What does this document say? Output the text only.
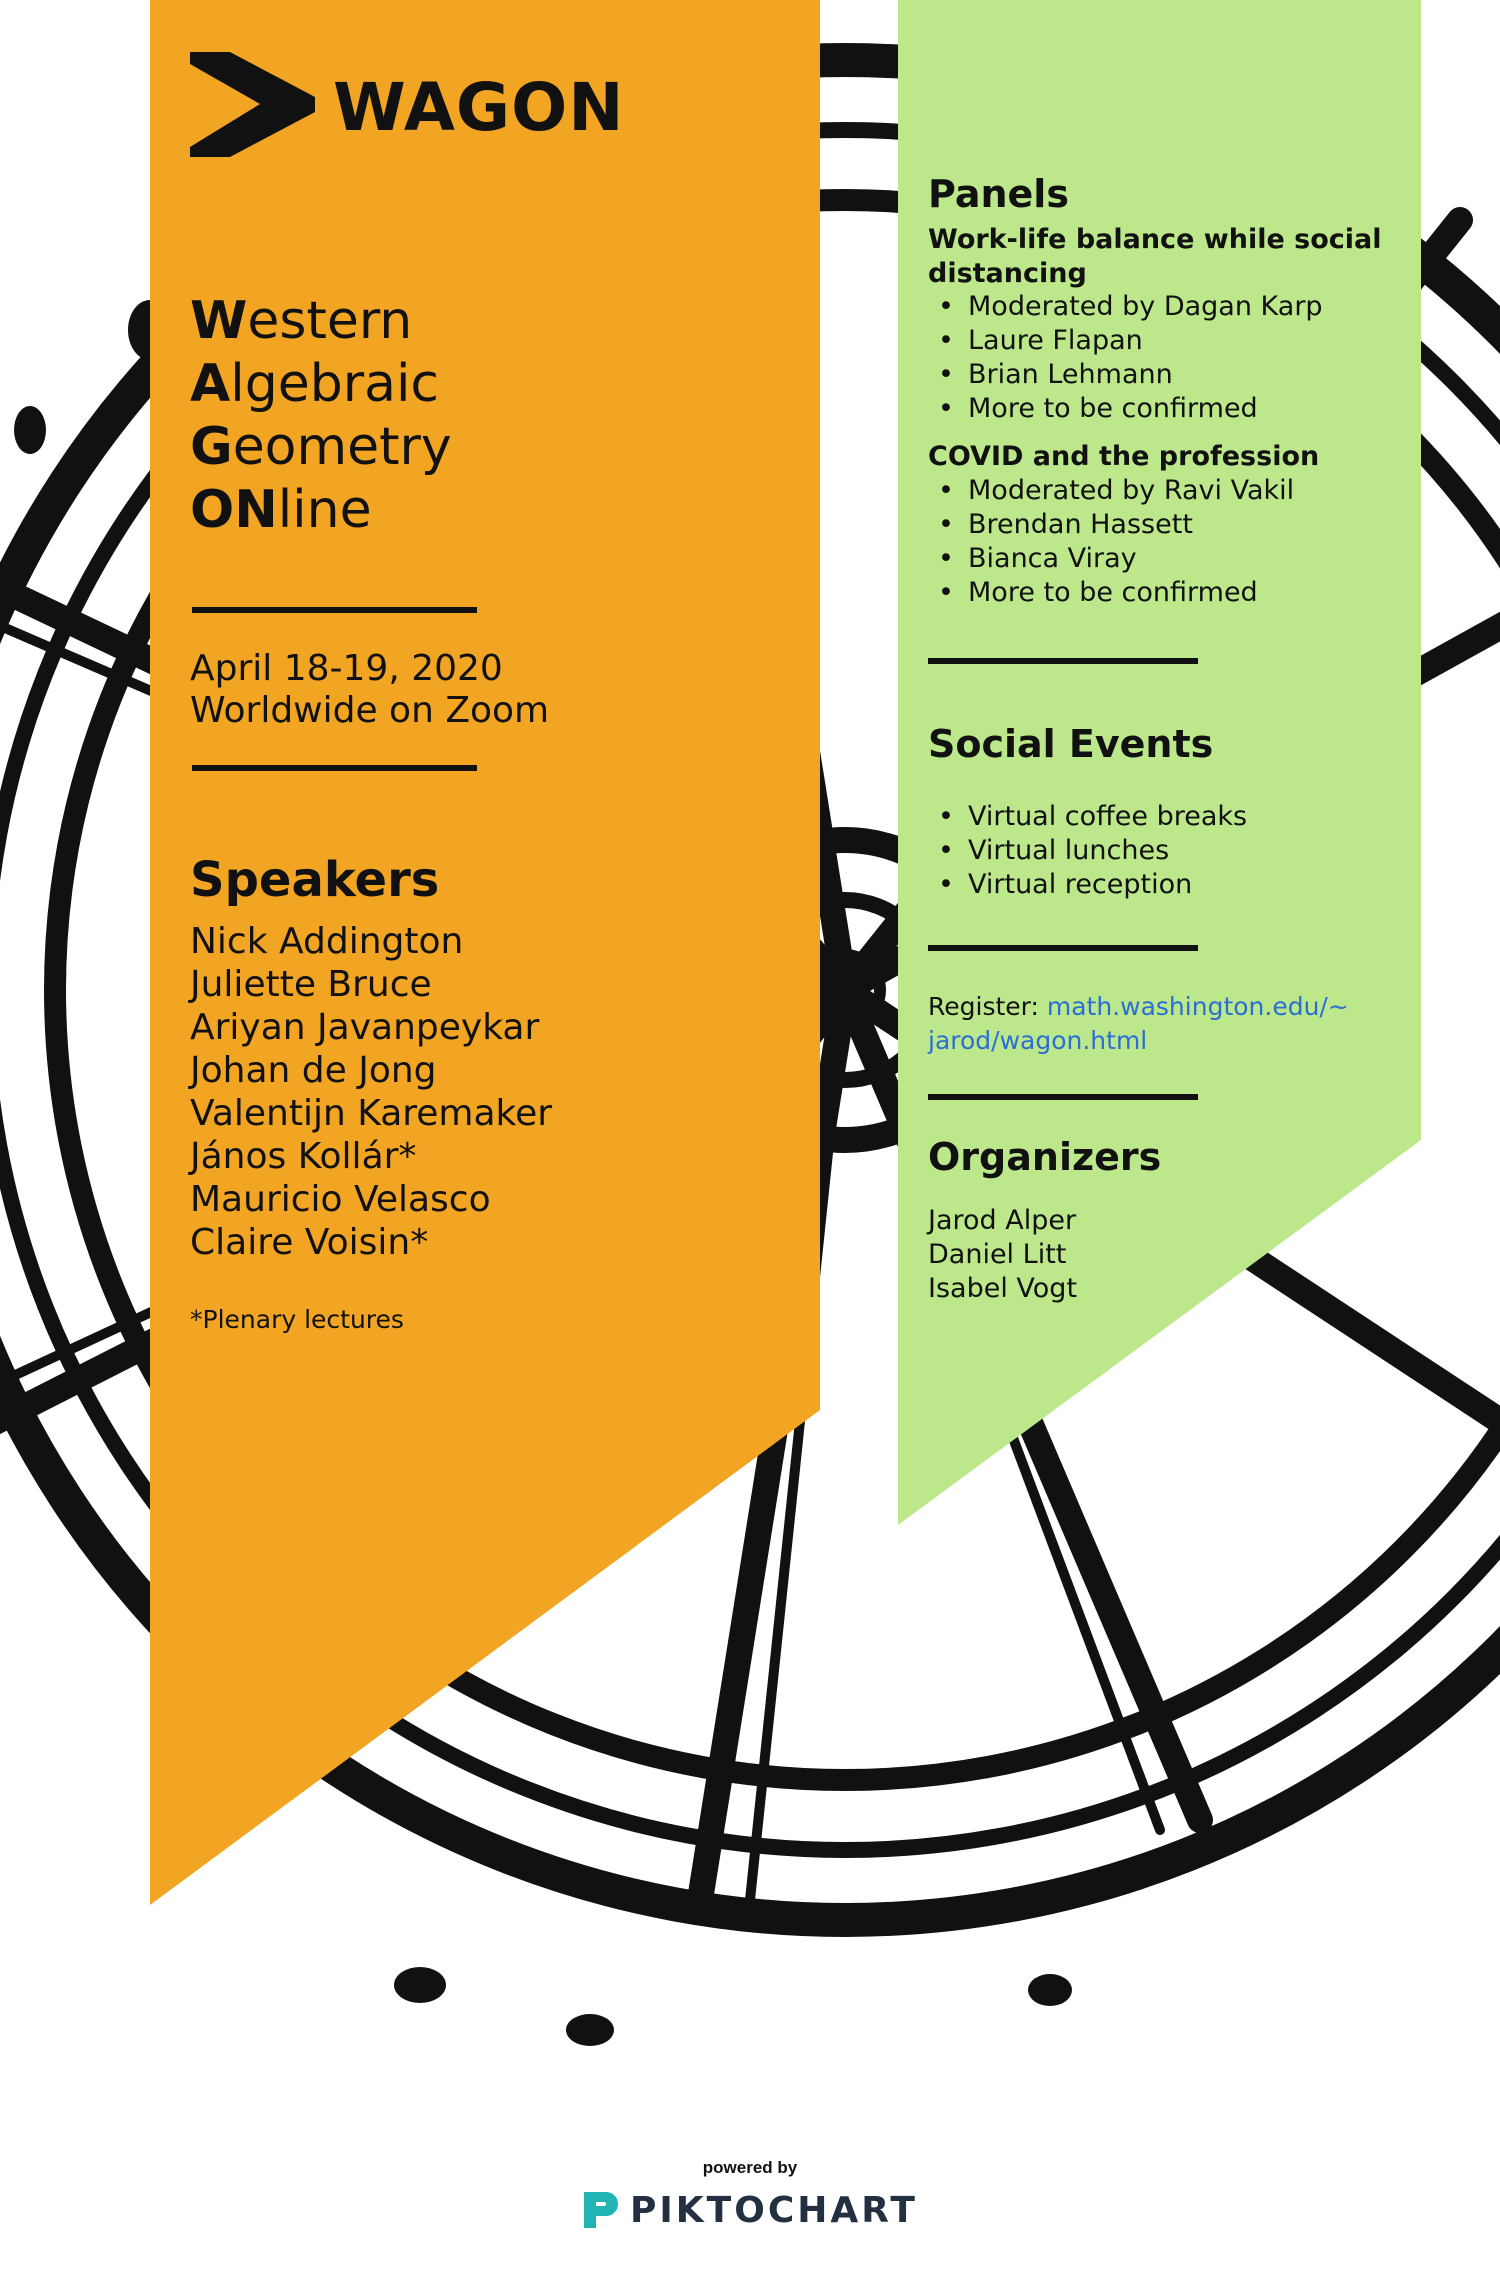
WAGON
Western
Algebraic
Geometry
ONline
April 18-19, 2020
Worldwide on Zoom
Speakers
Nick Addington
Juliette Bruce
Ariyan Javanpeykar
Johan de Jong
Valentijn Karemaker
János Kollár*
Mauricio Velasco
Claire Voisin*
*Plenary lectures
Panels
Work-life balance while social distancing
• Moderated by Dagan Karp
• Laure Flapan
• Brian Lehmann
• More to be confirmed
COVID and the profession
• Moderated by Ravi Vakil
• Brendan Hassett
• Bianca Viray
• More to be confirmed
Social Events
• Virtual coffee breaks
• Virtual lunches
• Virtual reception
Register: math.washington.edu/~
jarod/wagon.html
Organizers
Jarod Alper
Daniel Litt
Isabel Vogt
powered by
PIKTOCHART
